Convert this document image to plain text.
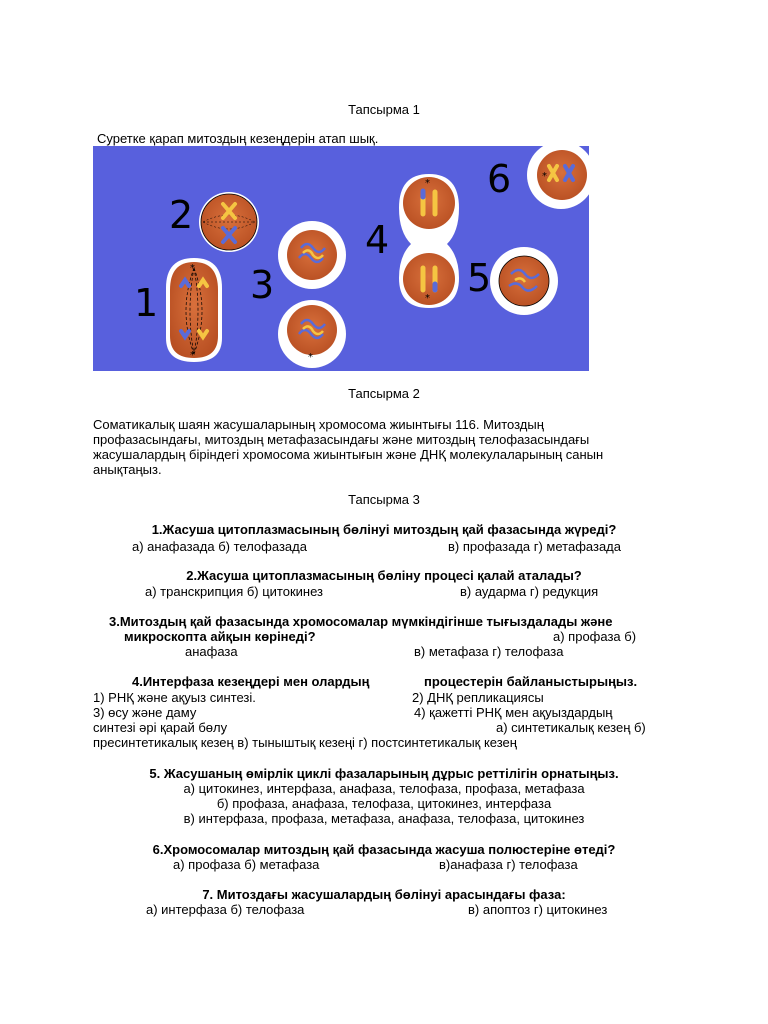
Тапсырма 1
Суретке қарап митоздың кезеңдерін атап шық.
*
*	*
*
*
*
1
2
3
4
5
6
Тапсырма 2
Соматикалық шаян жасушаларының хромосома жиынтығы 116. Митоздың
профазасындағы, митоздың метафазасындағы және митоздың телофазасындағы
жасушалардың біріндегі хромосома жиынтығын және ДНҚ молекулаларының санын
анықтаңыз.
Тапсырма 3
1.Жасуша цитоплазмасының бөлінуі митоздың қай фазасында жүреді?
а) анафазада б) телофазада	в) профазада г) метафазада
2.Жасуша цитоплазмасының бөліну процесі қалай аталады?
а) транскрипция б) цитокинез	в) аударма г) редукция
3.Митоздың қай фазасында хромосомалар мүмкіндігінше тығыздалады және
микроскопта айқын көрінеді?	а) профаза б)
анафаза	в) метафаза г) телофаза
4.Интерфаза кезеңдері мен олардың	процестерін байланыстырыңыз.
1) РНҚ және ақуыз синтезі.	2) ДНҚ репликациясы
3) өсу және даму	4) қажетті РНҚ мен ақуыздардың
синтезі әрі қарай бөлу	а) синтетикалық кезең б)
пресинтетикалық кезең в) тыныштық кезеңі г) постсинтетикалық кезең
5. Жасушаның өмірлік циклі фазаларының дұрыс реттілігін орнатыңыз.
а) цитокинез, интерфаза, анафаза, телофаза, профаза, метафаза
б) профаза, анафаза, телофаза, цитокинез, интерфаза
в) интерфаза, профаза, метафаза, анафаза, телофаза, цитокинез
6.Хромосомалар митоздың қай фазасында жасуша полюстеріне өтеді?
а) профаза б) метафаза	в)анафаза г) телофаза
7. Митоздағы жасушалардың бөлінуі арасындағы фаза:
а) интерфаза б) телофаза	в) апоптоз г) цитокинез
